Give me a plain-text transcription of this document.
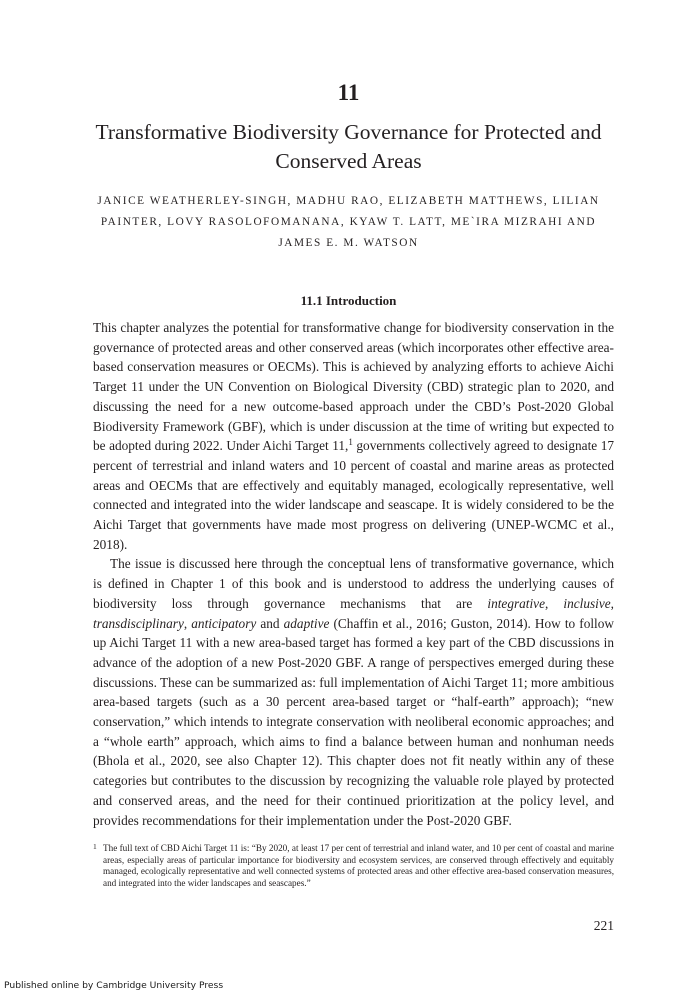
11
Transformative Biodiversity Governance for Protected and Conserved Areas
JANICE WEATHERLEY-SINGH, MADHU RAO, ELIZABETH MATTHEWS, LILIAN PAINTER, LOVY RASOLOFOMANANA, KYAW T. LATT, ME`IRA MIZRAHI AND JAMES E. M. WATSON
11.1 Introduction

This chapter analyzes the potential for transformative change for biodiversity conservation in the governance of protected areas and other conserved areas (which incorporates other effective area-based conservation measures or OECMs). This is achieved by analyzing efforts to achieve Aichi Target 11 under the UN Convention on Biological Diversity (CBD) strategic plan to 2020, and discussing the need for a new outcome-based approach under the CBD’s Post-2020 Global Biodiversity Framework (GBF), which is under discussion at the time of writing but expected to be adopted during 2022. Under Aichi Target 11,$^1$ governments collectively agreed to designate 17 percent of terrestrial and inland waters and 10 percent of coastal and marine areas as protected areas and OECMs that are effectively and equitably managed, ecologically representative, well connected and integrated into the wider landscape and seascape. It is widely considered to be the Aichi Target that governments have made most progress on delivering (UNEP-WCMC et al., 2018).

The issue is discussed here through the conceptual lens of transformative governance, which is defined in Chapter 1 of this book and is understood to address the underlying causes of biodiversity loss through governance mechanisms that are integrative, inclusive, transdisciplinary, anticipatory and adaptive (Chaffin et al., 2016; Guston, 2014). How to follow up Aichi Target 11 with a new area-based target has formed a key part of the CBD discussions in advance of the adoption of a new Post-2020 GBF. A range of perspectives emerged during these discussions. These can be summarized as: full implementation of Aichi Target 11; more ambitious area-based targets (such as a 30 percent area-based target or “half-earth” approach); “new conservation,” which intends to integrate conservation with neoliberal economic approaches; and a “whole earth” approach, which aims to find a balance between human and nonhuman needs (Bhola et al., 2020, see also Chapter 12). This chapter does not fit neatly within any of these categories but contributes to the discussion by recognizing the valuable role played by protected and conserved areas, and the need for their continued prioritization at the policy level, and provides recommendations for their implementation under the Post-2020 GBF.

1 The full text of CBD Aichi Target 11 is: “By 2020, at least 17 per cent of terrestrial and inland water, and 10 per cent of coastal and marine areas, especially areas of particular importance for biodiversity and ecosystem services, are conserved through effectively and equitably managed, ecologically representative and well connected systems of protected areas and other effective area-based conservation measures, and integrated into the wider landscapes and seascapes.”
221
Published online by Cambridge University Press
